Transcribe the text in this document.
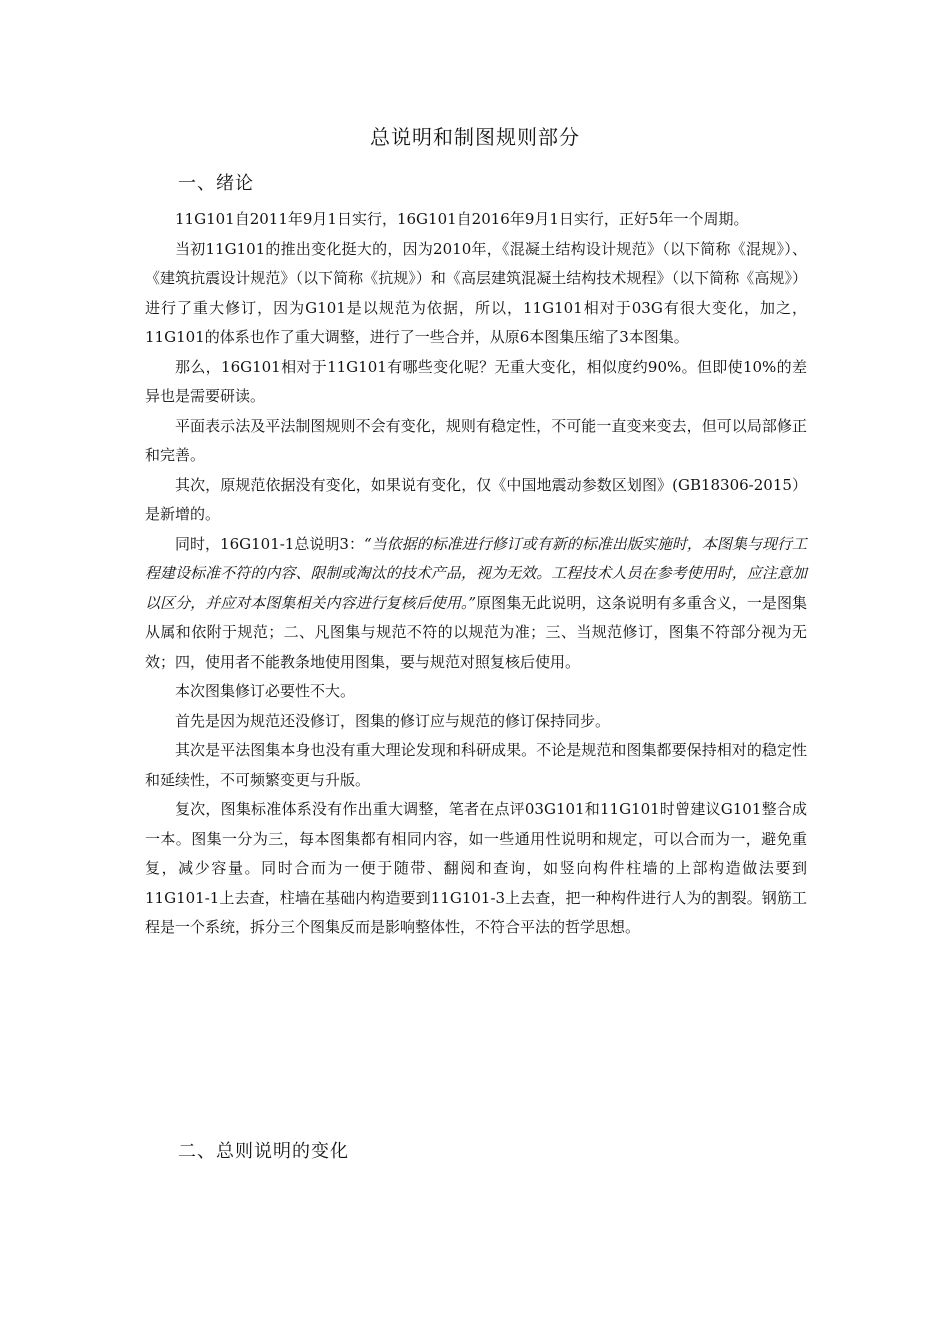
总说明和制图规则部分
一、绪论

11G101自2011年9月1日实行，16G101自2016年9月1日实行，正好5年一个周期。

当初11G101的推出变化挺大的，因为2010年，《混凝土结构设计规范》（以下简称《混规》）、《建筑抗震设计规范》（以下简称《抗规》）和《高层建筑混凝土结构技术规程》（以下简称《高规》）进行了重大修订，因为G101是以规范为依据，所以，11G101相对于03G有很大变化，加之，11G101的体系也作了重大调整，进行了一些合并，从原6本图集压缩了3本图集。

那么，16G101相对于11G101有哪些变化呢？无重大变化，相似度约90%。但即使10%的差异也是需要研读。

平面表示法及平法制图规则不会有变化，规则有稳定性，不可能一直变来变去，但可以局部修正和完善。

其次，原规范依据没有变化，如果说有变化，仅《中国地震动参数区划图》(GB18306-2015）是新增的。

同时，16G101-1总说明3：“当依据的标准进行修订或有新的标准出版实施时，本图集与现行工程建设标准不符的内容、限制或淘汰的技术产品，视为无效。工程技术人员在参考使用时，应注意加以区分，并应对本图集相关内容进行复核后使用。”原图集无此说明，这条说明有多重含义，一是图集从属和依附于规范；二、凡图集与规范不符的以规范为准；三、当规范修订，图集不符部分视为无效；四，使用者不能教条地使用图集，要与规范对照复核后使用。

本次图集修订必要性不大。

首先是因为规范还没修订，图集的修订应与规范的修订保持同步。

其次是平法图集本身也没有重大理论发现和科研成果。不论是规范和图集都要保持相对的稳定性和延续性，不可频繁变更与升版。

复次，图集标准体系没有作出重大调整，笔者在点评03G101和11G101时曾建议G101整合成一本。图集一分为三，每本图集都有相同内容，如一些通用性说明和规定，可以合而为一，避免重复，减少容量。同时合而为一便于随带、翻阅和查询，如竖向构件柱墙的上部构造做法要到11G101-1上去查，柱墙在基础内构造要到11G101-3上去查，把一种构件进行人为的割裂。钢筋工程是一个系统，拆分三个图集反而是影响整体性，不符合平法的哲学思想。

二、总则说明的变化
